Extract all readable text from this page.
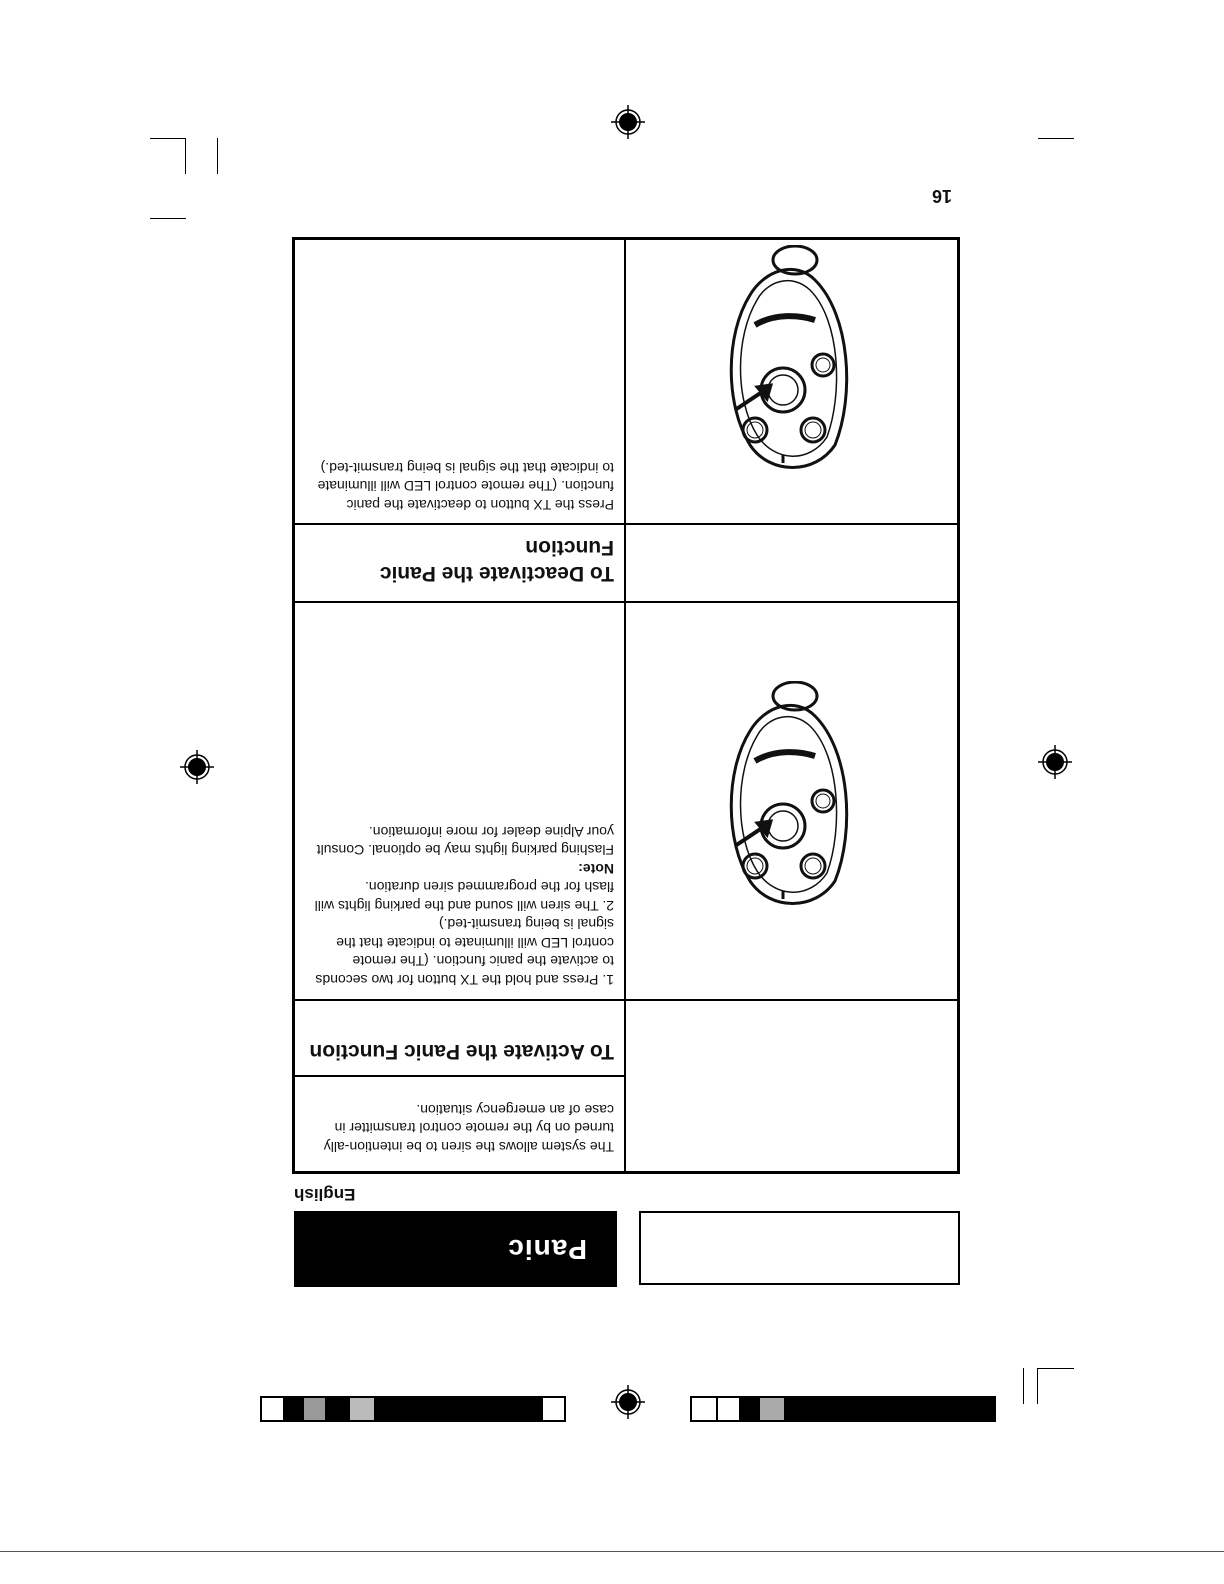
Panic
English
The system allows the siren to be intention-ally turned on by the remote control transmitter in case of an emergency situation.
To Activate the Panic Function
1. Press and hold the TX button for two seconds to activate the panic function. (The remote control LED will illuminate to indicate that the signal is being transmit-ted.)
2. The siren will sound and the parking lights will flash for the programmed siren duration.
Note:
Flashing parking lights may be optional. Consult your Alpine dealer for more information.
To Deactivate the Panic Function
Press the TX button to deactivate the panic function. (The remote control LED will illuminate to indicate that the signal is being transmit-ted.)
16
